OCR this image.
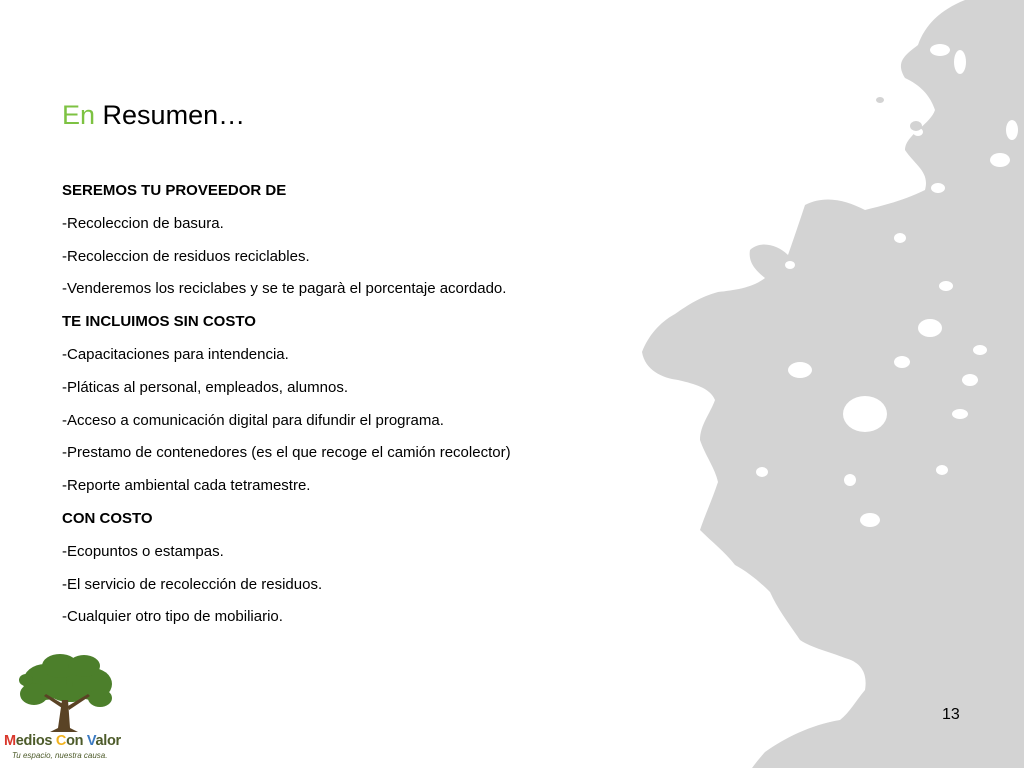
En Resumen…
SEREMOS TU PROVEEDOR DE
-Recoleccion de basura.
-Recoleccion de residuos reciclables.
-Venderemos los reciclabes y se te pagarà el porcentaje acordado.
TE INCLUIMOS SIN COSTO
-Capacitaciones para intendencia.
-Pláticas al personal, empleados, alumnos.
-Acceso a comunicación digital para difundir el programa.
-Prestamo de contenedores (es el que recoge el camión recolector)
-Reporte ambiental cada tetramestre.
CON COSTO
-Ecopuntos o estampas.
-El servicio de recolección de residuos.
-Cualquier otro tipo de mobiliario.
13
Medios Con Valor
Tu espacio, nuestra causa.
